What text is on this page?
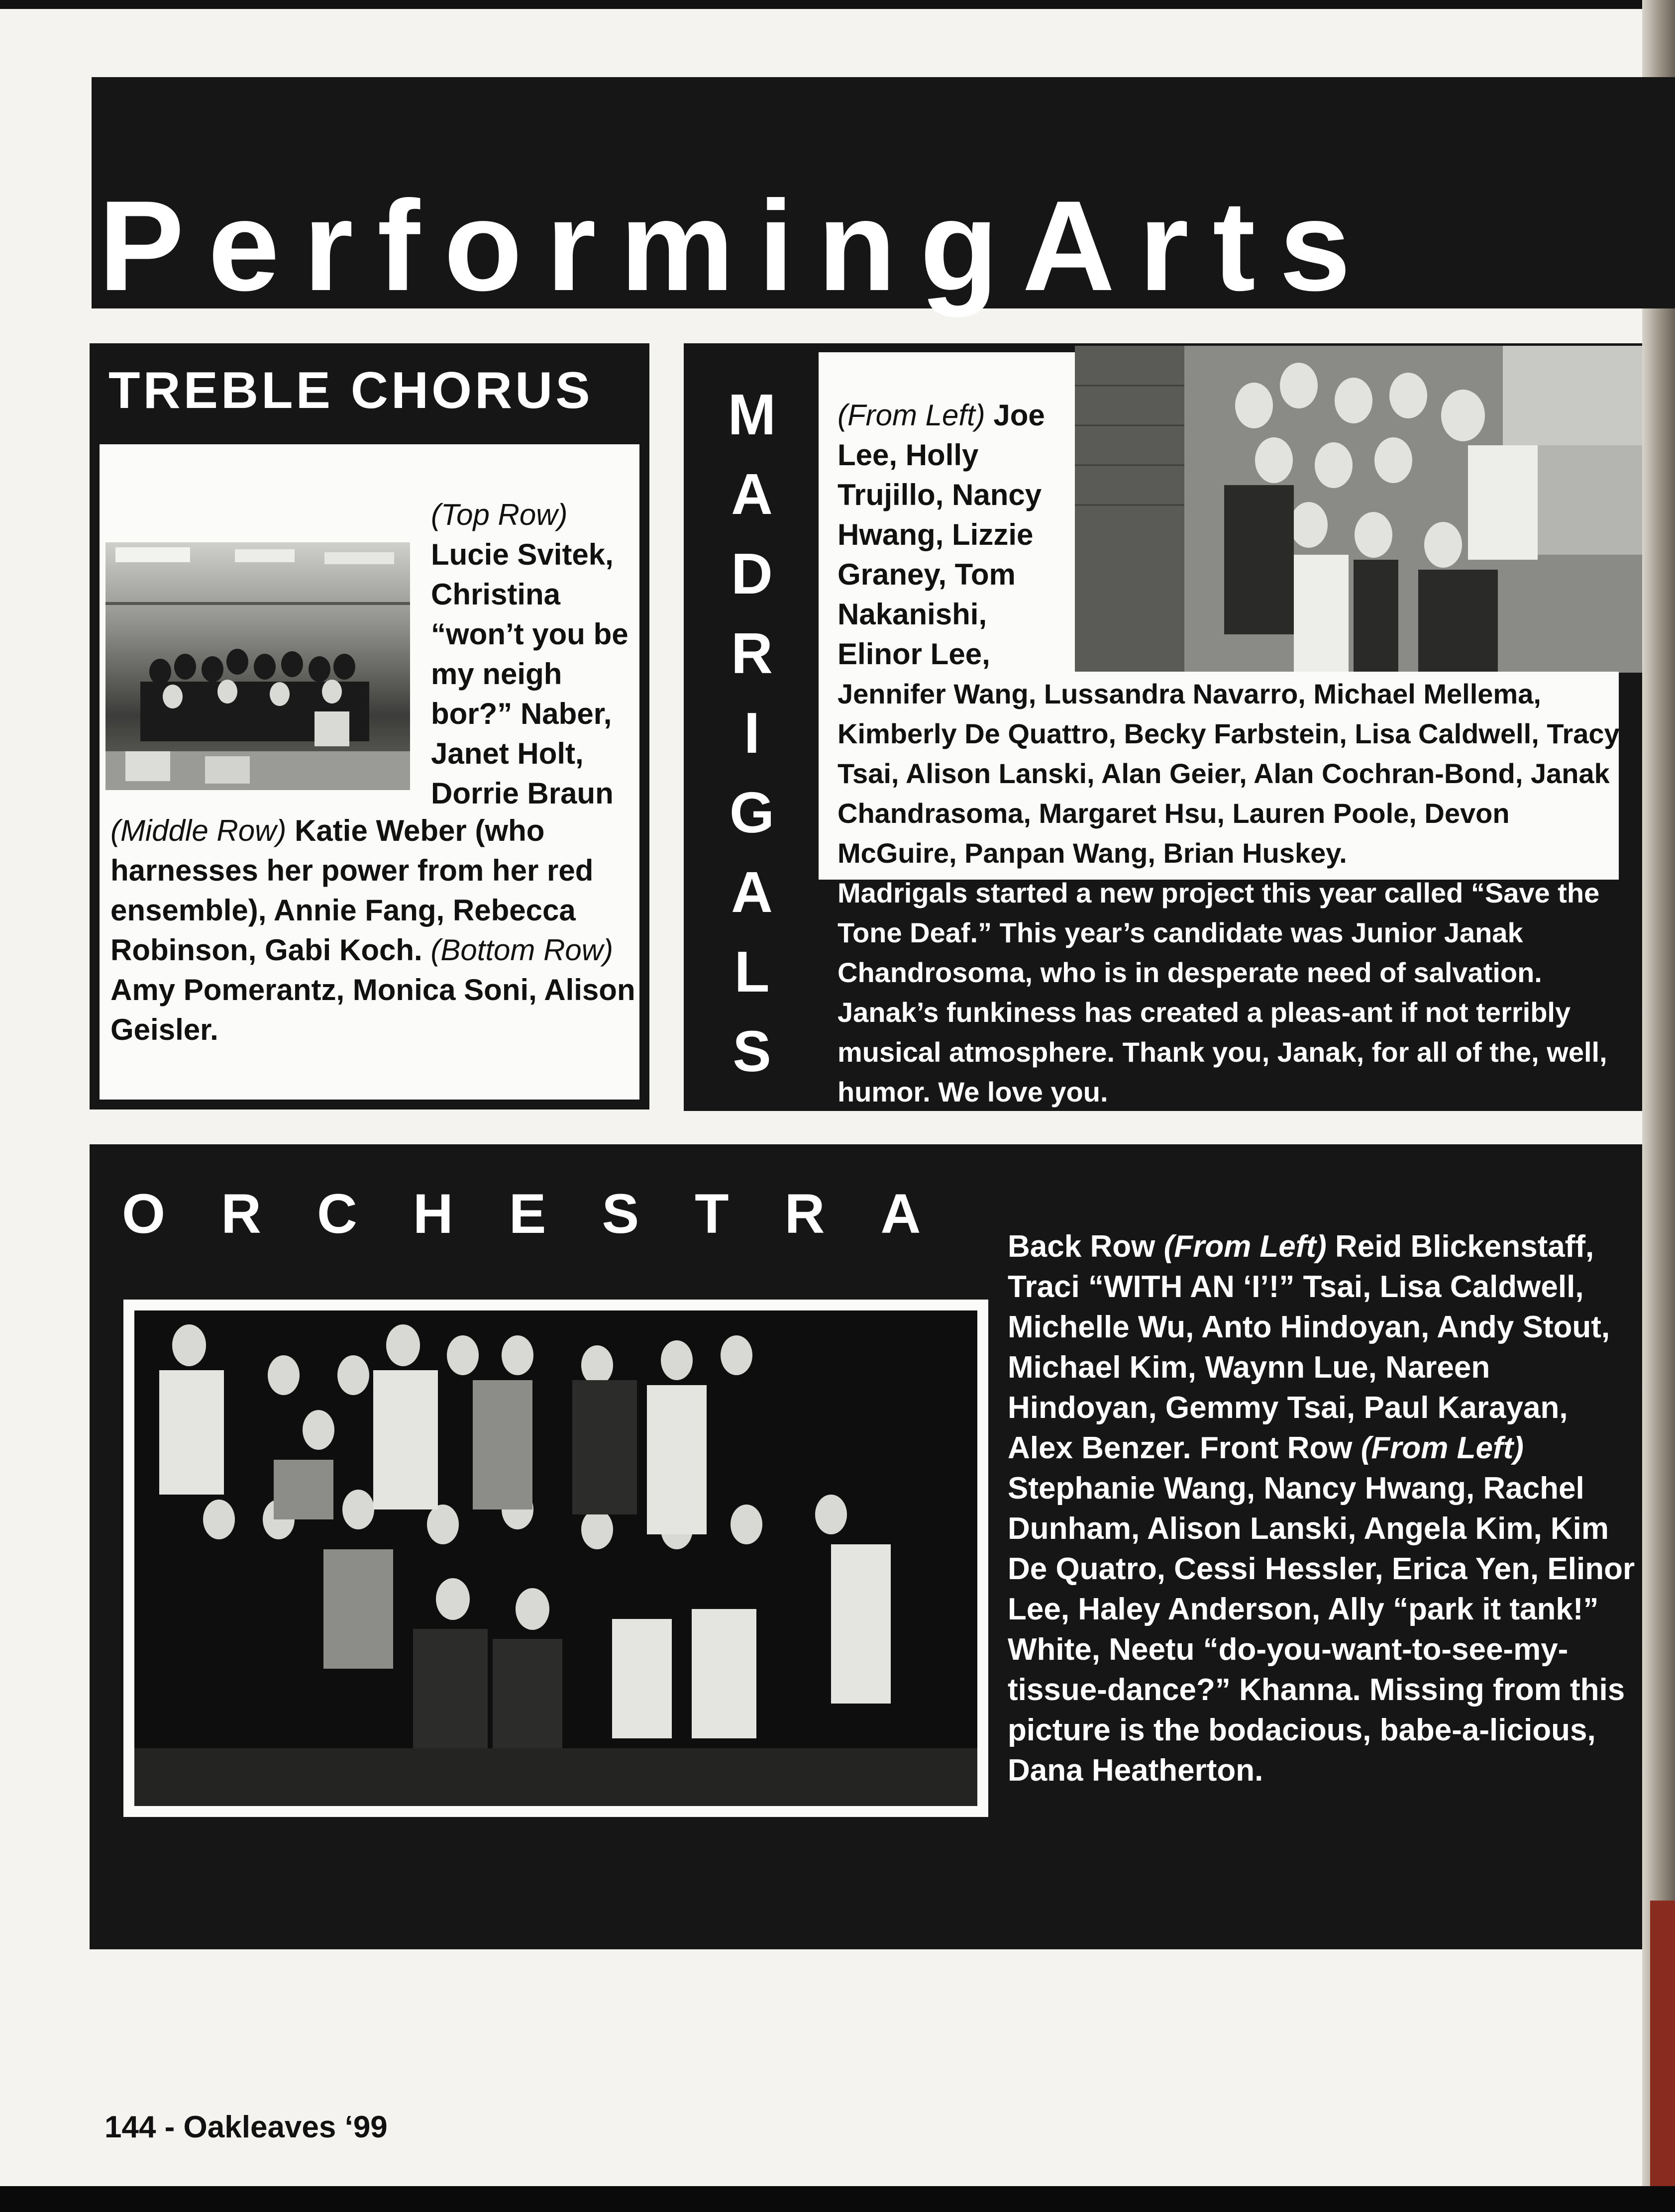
PerformingArts
TREBLE CHORUS
(Top Row) Lucie Svitek, Christina “won’t you be my neigh bor?” Naber, Janet Holt, Dorrie Braun
(Middle Row) Katie Weber (who harnesses her power from her red ensemble), Annie Fang, Rebecca Robinson, Gabi Koch. (Bottom Row) Amy Pomerantz, Monica Soni, Alison Geisler.
M
A
D
R
I
G
A
L
S
(From Left) Joe Lee, Holly Trujillo, Nancy Hwang, Lizzie Graney, Tom Nakanishi, Elinor Lee,
Jennifer Wang, Lussandra Navarro, Michael Mellema, Kimberly De Quattro, Becky Farbstein, Lisa Caldwell, Tracy Tsai, Alison Lanski, Alan Geier, Alan Cochran-Bond, Janak Chandrasoma, Margaret Hsu, Lauren Poole, Devon McGuire, Panpan Wang, Brian Huskey.
Madrigals started a new project this year called “Save the Tone Deaf.” This year’s candidate was Junior Janak Chandrosoma, who is in desperate need of salvation. Janak’s funkiness has created a pleas-ant if not terribly musical atmosphere. Thank you, Janak, for all of the, well, humor. We love you.
ORCHESTRA
Back Row (From Left) Reid Blickenstaff, Traci “WITH AN ‘I’!” Tsai, Lisa Caldwell, Michelle Wu, Anto Hindoyan, Andy Stout, Michael Kim, Waynn Lue, Nareen Hindoyan, Gemmy Tsai, Paul Karayan, Alex Benzer. Front Row (From Left) Stephanie Wang, Nancy Hwang, Rachel Dunham, Alison Lanski, Angela Kim, Kim De Quatro, Cessi Hessler, Erica Yen, Elinor Lee, Haley Anderson, Ally “park it tank!” White, Neetu “do-you-want-to-see-my-tissue-dance?” Khanna. Missing from this picture is the bodacious, babe-a-licious, Dana Heatherton.
144 - Oakleaves ‘99
